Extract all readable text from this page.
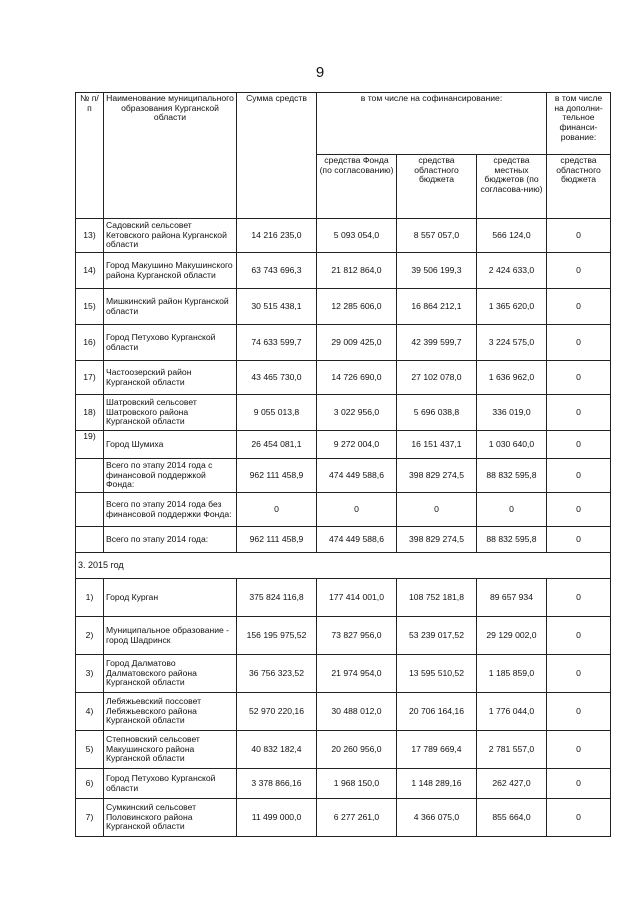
9
№ п/п	Наименование муниципального образования Курганской области	Сумма средств	в том числе на софинансирование:			в том числе на дополни-тельное финанси-рование:
			средства Фонда (по согласованию)	средства областного бюджета	средства местных бюджетов (по согласова-нию)	средства областного бюджета
13)	Садовский сельсовет Кетовского района Курганской области	14 216 235,0	5 093 054,0	8 557 057,0	566 124,0	0
14)	Город Макушино Макушинского района Курганской области	63 743 696,3	21 812 864,0	39 506 199,3	2 424 633,0	0
15)	Мишкинский район Курганской области	30 515 438,1	12 285 606,0	16 864 212,1	1 365 620,0	0
16)	Город Петухово Курганской области	74 633 599,7	29 009 425,0	42 399 599,7	3 224 575,0	0
17)	Частоозерский район Курганской области	43 465 730,0	14 726 690,0	27 102 078,0	1 636 962,0	0
18)	Шатровский сельсовет Шатровского района Курганской области	9 055 013,8	3 022 956,0	5 696 038,8	336 019,0	0
19)	Город Шумиха	26 454 081,1	9 272 004,0	16 151 437,1	1 030 640,0	0
	Всего по этапу 2014 года с финансовой поддержкой Фонда:	962 111 458,9	474 449 588,6	398 829 274,5	88 832 595,8	0
	Всего по этапу 2014 года без финансовой поддержки Фонда:	0	0	0	0	0
	Всего по этапу 2014 года:	962 111 458,9	474 449 588,6	398 829 274,5	88 832 595,8	0
3. 2015 год						
1)	Город Курган	375 824 116,8	177 414 001,0	108 752 181,8	89 657 934	0
2)	Муниципальное образование - город Шадринск	156 195 975,52	73 827 956,0	53 239 017,52	29 129 002,0	0
3)	Город Далматово Далматовского района Курганской области	36 756 323,52	21 974 954,0	13 595 510,52	1 185 859,0	0
4)	Лебяжьевский поссовет Лебяжьевского района Курганской области	52 970 220,16	30 488 012,0	20 706 164,16	1 776 044,0	0
5)	Степновский сельсовет Макушинского района Курганской области	40 832 182,4	20 260 956,0	17 789 669,4	2 781 557,0	0
6)	Город Петухово Курганской области	3 378 866,16	1 968 150,0	1 148 289,16	262 427,0	0
7)	Сумкинский сельсовет Половинского района Курганской области	11 499 000,0	6 277 261,0	4 366 075,0	855 664,0	0
